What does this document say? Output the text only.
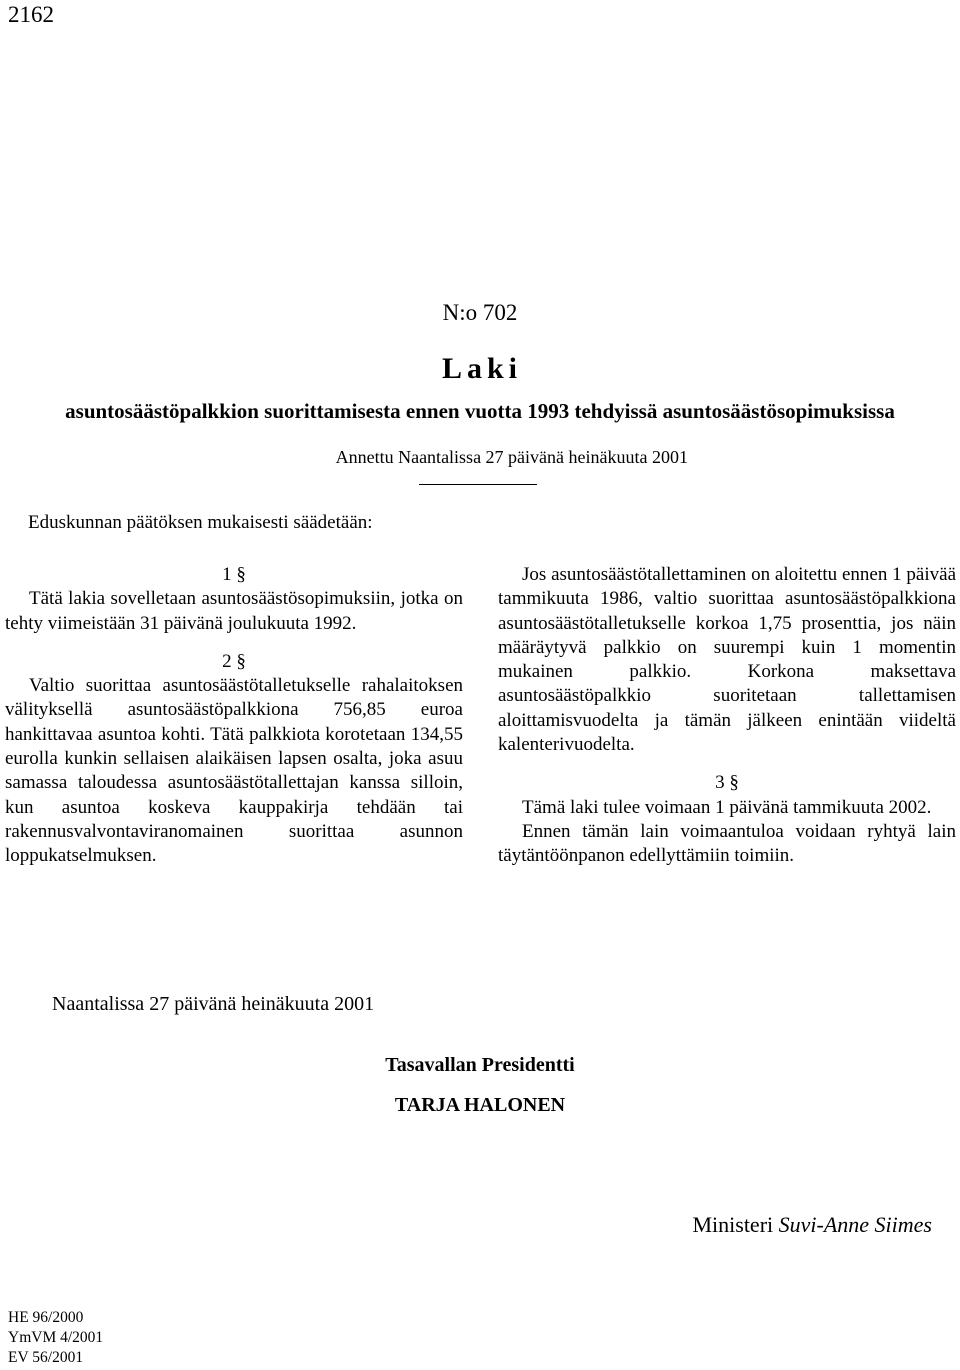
2162
N:o 702
Laki
asuntosäästöpalkkion suorittamisesta ennen vuotta 1993 tehdyissä asuntosäästösopimuksissa
Annettu Naantalissa 27 päivänä heinäkuuta 2001
Eduskunnan päätöksen mukaisesti säädetään:

1 §

Tätä lakia sovelletaan asuntosäästösopimuksiin, jotka on tehty viimeistään 31 päivänä joulukuuta 1992.

2 §

Valtio suorittaa asuntosäästötalletukselle rahalaitoksen välityksellä asuntosäästöpalkkiona 756,85 euroa hankittavaa asuntoa kohti. Tätä palkkiota korotetaan 134,55 eurolla kunkin sellaisen alaikäisen lapsen osalta, joka asuu samassa taloudessa asuntosäästötallettajan kanssa silloin, kun asuntoa koskeva kauppakirja tehdään tai rakennusvalvontaviranomainen suorittaa asunnon loppukatselmuksen.

Jos asuntosäästötallettaminen on aloitettu ennen 1 päivää tammikuuta 1986, valtio suorittaa asuntosäästöpalkkiona asuntosäästötalletukselle korkoa 1,75 prosenttia, jos näin määräytyvä palkkio on suurempi kuin 1 momentin mukainen palkkio. Korkona maksettava asuntosäästöpalkkio suoritetaan tallettamisen aloittamisvuodelta ja tämän jälkeen enintään viideltä kalenterivuodelta.

3 §

Tämä laki tulee voimaan 1 päivänä tammikuuta 2002.

Ennen tämän lain voimaantuloa voidaan ryhtyä lain täytäntöönpanon edellyttämiin toimiin.

Naantalissa 27 päivänä heinäkuuta 2001
Tasavallan Presidentti
TARJA HALONEN
Ministeri Suvi-Anne Siimes
HE 96/2000
YmVM 4/2001
EV 56/2001
